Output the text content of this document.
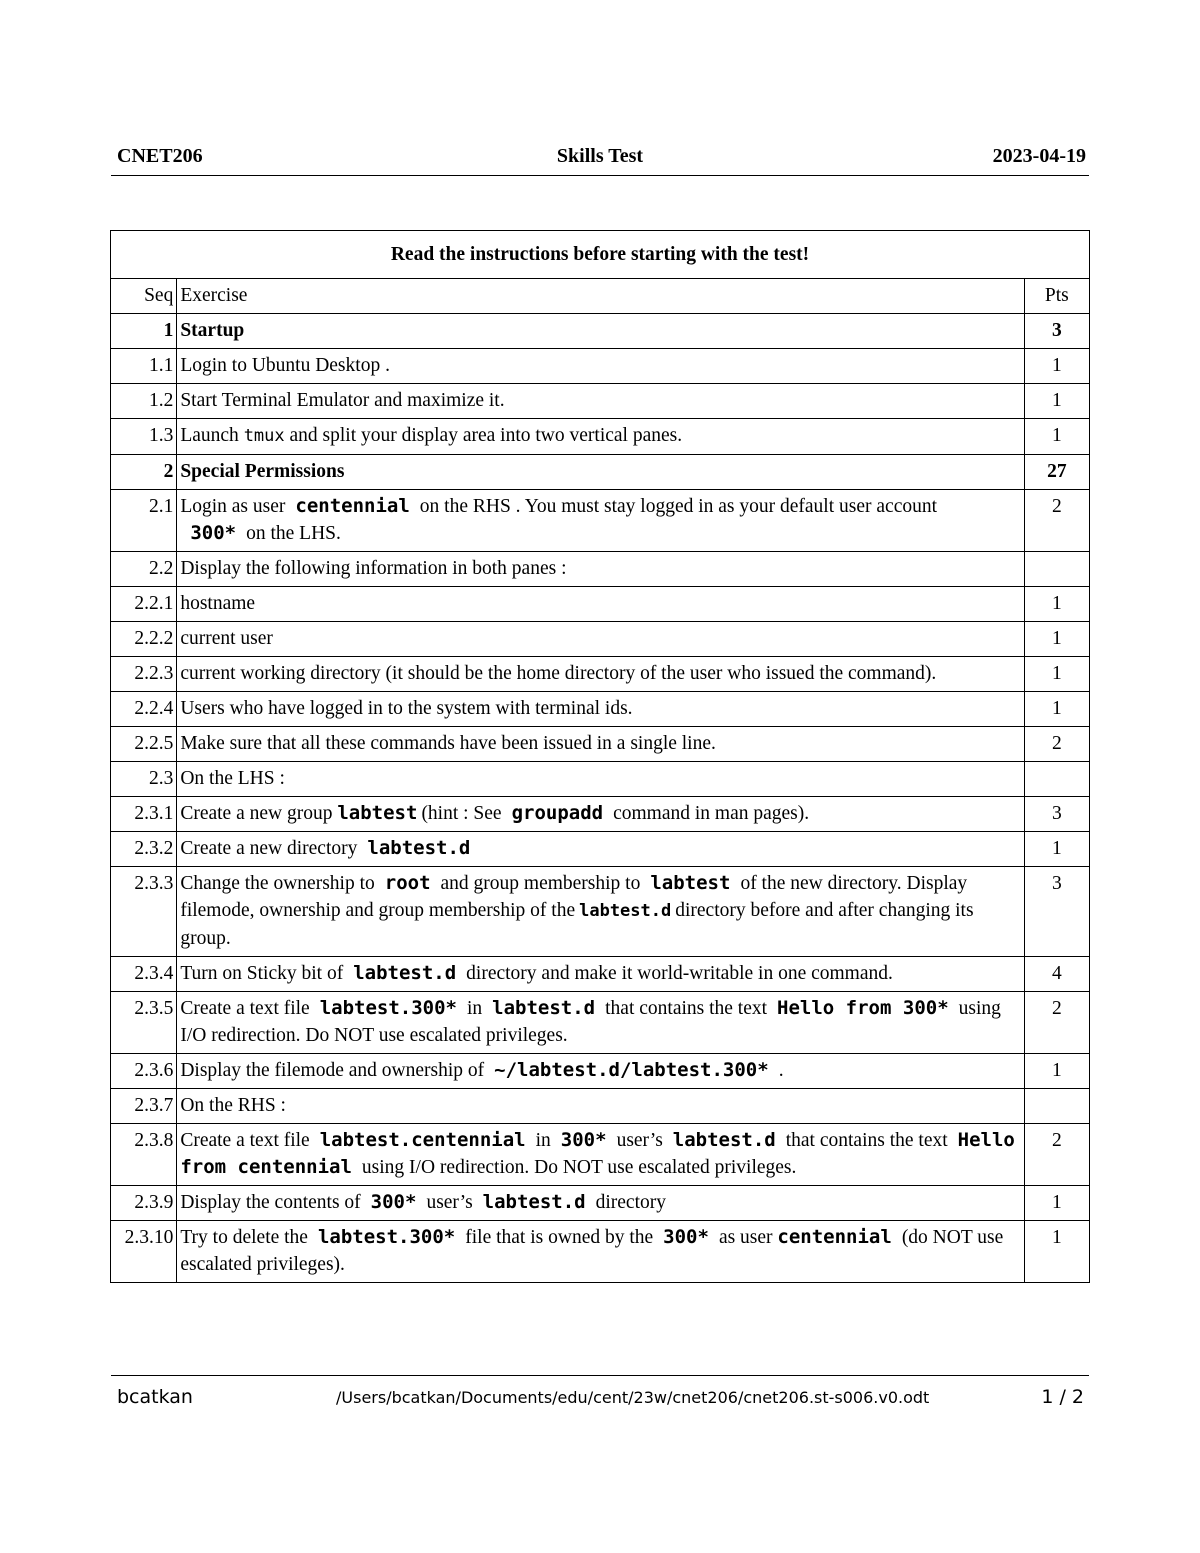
CNET206	Skills Test	2023-04-19
Read the instructions before starting with the test!		
Seq	Exercise	Pts
1	Startup	3
1.1	Login to Ubuntu Desktop .	1
1.2	Start Terminal Emulator and maximize it.	1
1.3	Launch tmux and split your display area into two vertical panes.	1
2	Special Permissions	27
2.1	Login as user centennial on the RHS . You must stay logged in as your default user account 300* on the LHS.	2
2.2	Display the following information in both panes :	
2.2.1	hostname	1
2.2.2	current user	1
2.2.3	current working directory (it should be the home directory of the user who issued the command).	1
2.2.4	Users who have logged in to the system with terminal ids.	1
2.2.5	Make sure that all these commands have been issued in a single line.	2
2.3	On the LHS :	
2.3.1	Create a new group labtest (hint : See groupadd command in man pages).	3
2.3.2	Create a new directory labtest.d	1
2.3.3	Change the ownership to root and group membership to labtest of the new directory. Display filemode, ownership and group membership of the labtest.d directory before and after changing its group.	3
2.3.4	Turn on Sticky bit of labtest.d directory and make it world-writable in one command.	4
2.3.5	Create a text file labtest.300* in labtest.d that contains the text Hello from 300* using I/O redirection. Do NOT use escalated privileges.	2
2.3.6	Display the filemode and ownership of ~/labtest.d/labtest.300* .	1
2.3.7	On the RHS :	
2.3.8	Create a text file labtest.centennial in 300* user’s labtest.d that contains the text Hello from centennial using I/O redirection. Do NOT use escalated privileges.	2
2.3.9	Display the contents of 300* user’s labtest.d directory	1
2.3.10	Try to delete the labtest.300* file that is owned by the 300* as user centennial (do NOT use escalated privileges).	1
bcatkan	/Users/bcatkan/Documents/edu/cent/23w/cnet206/cnet206.st-s006.v0.odt	1 / 2
